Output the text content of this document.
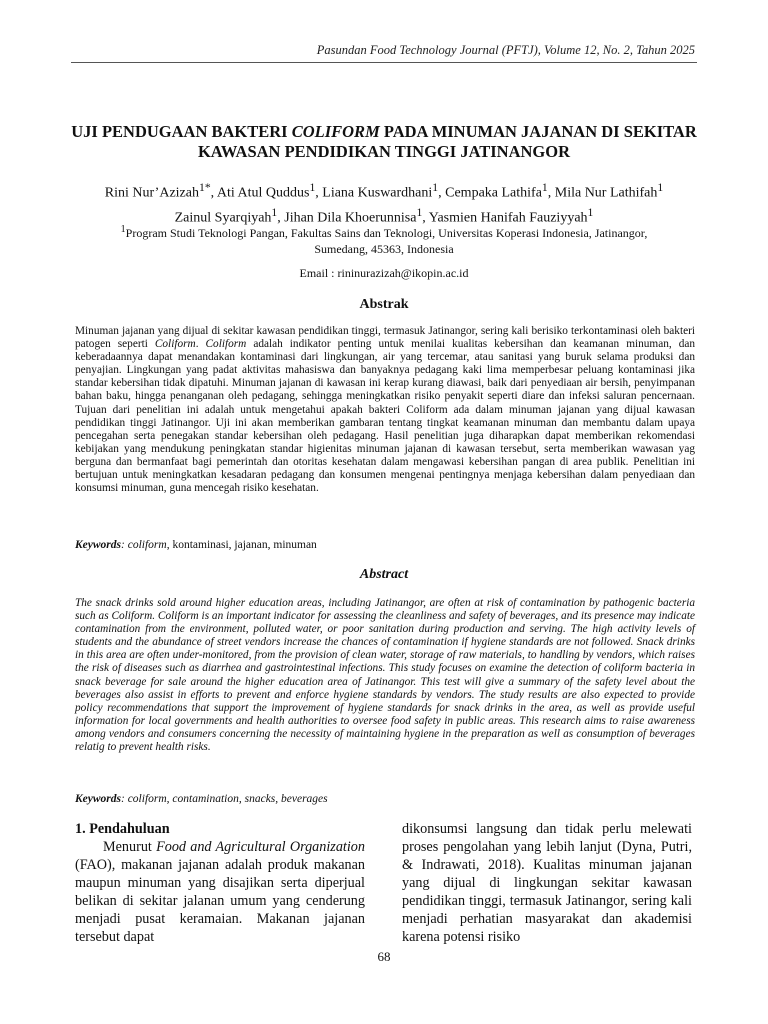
Pasundan Food Technology Journal (PFTJ), Volume 12, No. 2, Tahun 2025
UJI PENDUGAAN BAKTERI COLIFORM PADA MINUMAN JAJANAN DI SEKITAR KAWASAN PENDIDIKAN TINGGI JATINANGOR
Rini Nur’Azizah$^{1*}$, Ati Atul Quddus$^1$, Liana Kuswardhani$^1$, Cempaka Lathifa$^1$, Mila Nur Lathifah$^1$
Zainul Syarqiyah$^1$, Jihan Dila Khoerunnisa$^1$, Yasmien Hanifah Fauziyyah$^1$
$^1$Program Studi Teknologi Pangan, Fakultas Sains dan Teknologi, Universitas Koperasi Indonesia, Jatinangor,
Sumedang, 45363, Indonesia
Email : rininurazizah@ikopin.ac.id
Abstrak
Minuman jajanan yang dijual di sekitar kawasan pendidikan tinggi, termasuk Jatinangor, sering kali berisiko terkontaminasi oleh bakteri patogen seperti Coliform. Coliform adalah indikator penting untuk menilai kualitas kebersihan dan keamanan minuman, dan keberadaannya dapat menandakan kontaminasi dari lingkungan, air yang tercemar, atau sanitasi yang buruk selama produksi dan penyajian. Lingkungan yang padat aktivitas mahasiswa dan banyaknya pedagang kaki lima memperbesar peluang kontaminasi jika standar kebersihan tidak dipatuhi. Minuman jajanan di kawasan ini kerap kurang diawasi, baik dari penyediaan air bersih, penyimpanan bahan baku, hingga penanganan oleh pedagang, sehingga meningkatkan risiko penyakit seperti diare dan infeksi saluran pencernaan. Tujuan dari penelitian ini adalah untuk mengetahui apakah bakteri Coliform ada dalam minuman jajanan yang dijual kawasan pendidikan tinggi Jatinangor. Uji ini akan memberikan gambaran tentang tingkat keamanan minuman dan membantu dalam upaya pencegahan serta penegakan standar kebersihan oleh pedagang. Hasil penelitian juga diharapkan dapat memberikan rekomendasi kebijakan yang mendukung peningkatan standar higienitas minuman jajanan di kawasan tersebut, serta memberikan wawasan yag berguna dan bermanfaat bagi pemerintah dan otoritas kesehatan dalam mengawasi kebersihan pangan di area publik. Penelitian ini bertujuan untuk meningkatkan kesadaran pedagang dan konsumen mengenai pentingnya menjaga kebersihan dalam penyediaan dan konsumsi minuman, guna mencegah risiko kesehatan.
Keywords: coliform, kontaminasi, jajanan, minuman
Abstract
The snack drinks sold around higher education areas, including Jatinangor, are often at risk of contamination by pathogenic bacteria such as Coliform. Coliform is an important indicator for assessing the cleanliness and safety of beverages, and its presence may indicate contamination from the environment, polluted water, or poor sanitation during production and serving. The high activity levels of students and the abundance of street vendors increase the chances of contamination if hygiene standards are not followed. Snack drinks in this area are often under-monitored, from the provision of clean water, storage of raw materials, to handling by vendors, which raises the risk of diseases such as diarrhea and gastrointestinal infections. This study focuses on examine the detection of coliform bacteria in snack beverage for sale around the higher education area of Jatinangor. This test will give a summary of the safety level about the beverages also assist in efforts to prevent and enforce hygiene standards by vendors. The study results are also expected to provide policy recommendations that support the improvement of hygiene standards for snack drinks in the area, as well as provide useful information for local governments and health authorities to oversee food safety in public areas. This research aims to raise awareness among vendors and consumers concerning the necessity of maintaining hygiene in the preparation as well as consumption of beverages relatig to prevent health risks.
Keywords: coliform, contamination, snacks, beverages
1. Pendahuluan
Menurut Food and Agricultural Organization (FAO), makanan jajanan adalah produk makanan maupun minuman yang disajikan serta diperjual belikan di sekitar jalanan umum yang cenderung menjadi pusat keramaian. Makanan jajanan tersebut dapat
dikonsumsi langsung dan tidak perlu melewati proses pengolahan yang lebih lanjut (Dyna, Putri, & Indrawati, 2018). Kualitas minuman jajanan yang dijual di lingkungan sekitar kawasan pendidikan tinggi, termasuk Jatinangor, sering kali menjadi perhatian masyarakat dan akademisi karena potensi risiko
68
